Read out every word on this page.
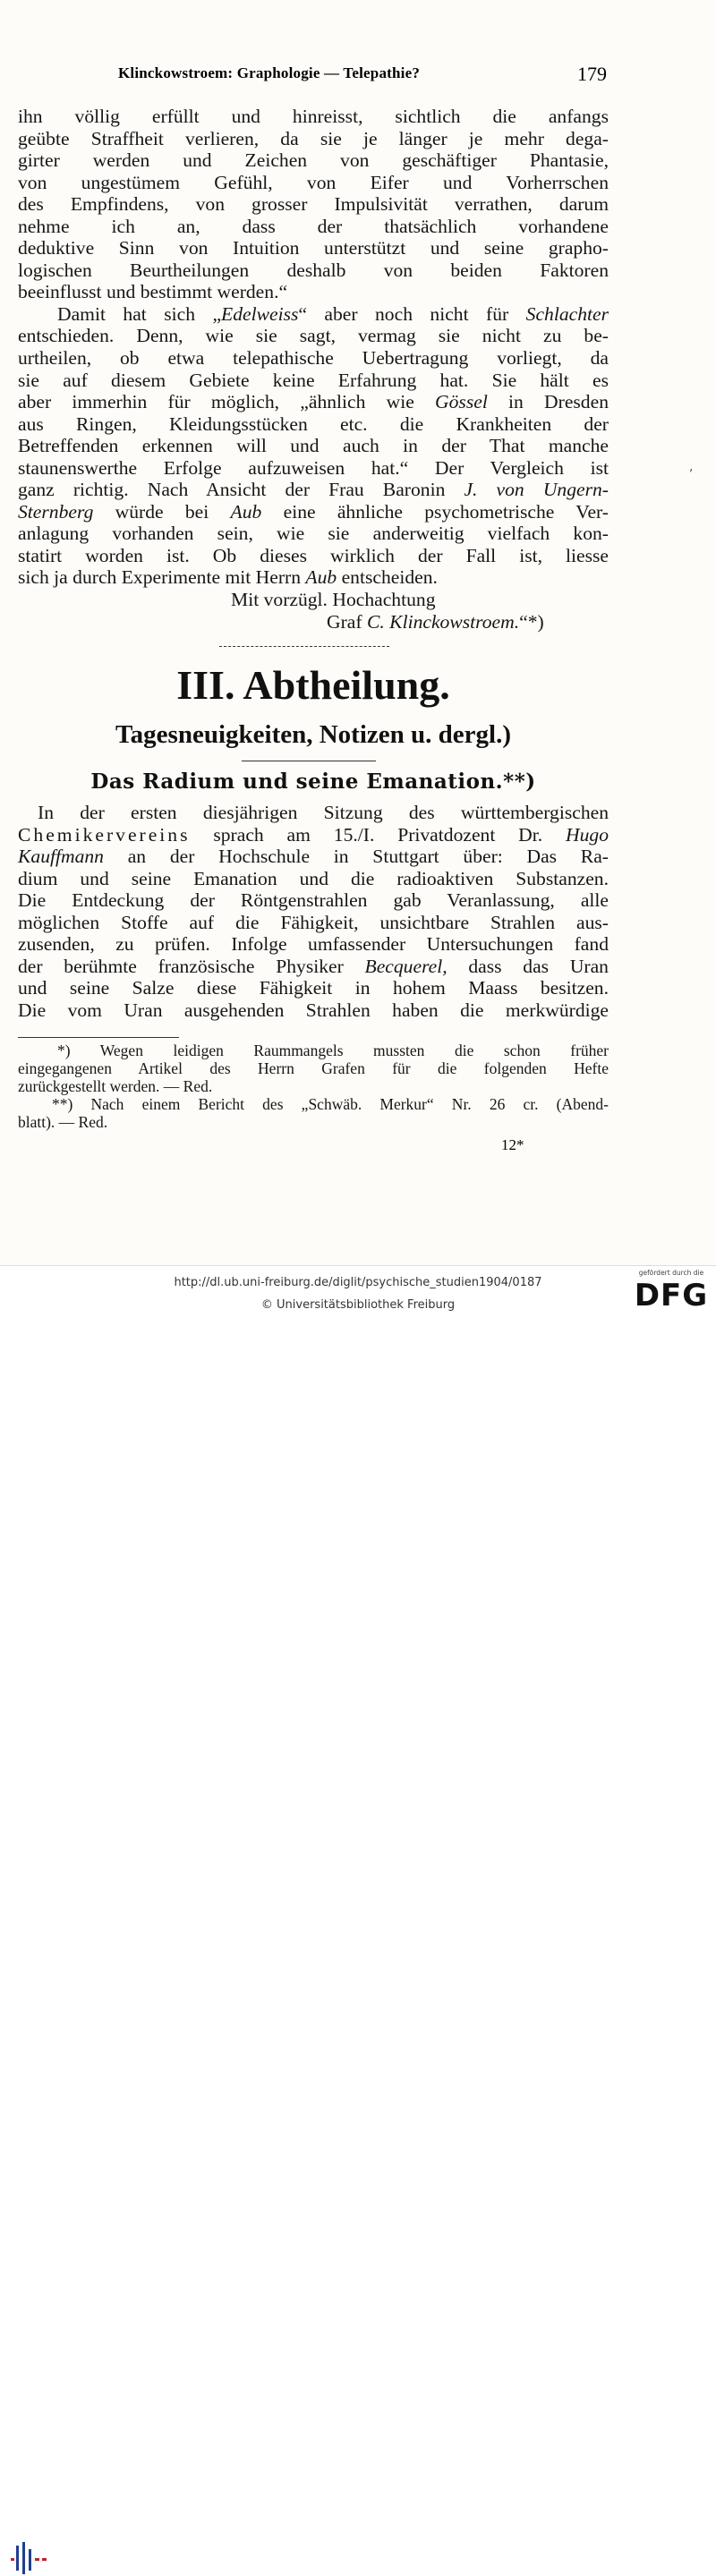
Klinckowstroem: Graphologie — Telepathie?	179
ihn völlig erfüllt und hinreisst, sichtlich die anfangs
geübte Straffheit verlieren, da sie je länger je mehr dega-
girter werden und Zeichen von geschäftiger Phantasie,
von ungestümem Gefühl, von Eifer und Vorherrschen
des Empfindens, von grosser Impulsivität verrathen, darum
nehme ich an, dass der thatsächlich vorhandene
deduktive Sinn von Intuition unterstützt und seine grapho-
logischen Beurtheilungen deshalb von beiden Faktoren
beeinflusst und bestimmt werden.“
Damit hat sich „Edelweiss“ aber noch nicht für Schlachter
entschieden. Denn, wie sie sagt, vermag sie nicht zu be-
urtheilen, ob etwa telepathische Uebertragung vorliegt, da
sie auf diesem Gebiete keine Erfahrung hat. Sie hält es
aber immerhin für möglich, „ähnlich wie Gössel in Dresden
aus Ringen, Kleidungsstücken etc. die Krankheiten der
Betreffenden erkennen will und auch in der That manche
staunenswerthe Erfolge aufzuweisen hat.“ Der Vergleich ist
ganz richtig. Nach Ansicht der Frau Baronin J. von Ungern-
Sternberg würde bei Aub eine ähnliche psychometrische Ver-
anlagung vorhanden sein, wie sie anderweitig vielfach kon-
statirt worden ist. Ob dieses wirklich der Fall ist, liesse
sich ja durch Experimente mit Herrn Aub entscheiden.
Mit vorzügl. Hochachtung
Graf C. Klinckowstroem.“*)
,
III. Abtheilung.
Tagesneuigkeiten, Notizen u. dergl.)
Das Radium und seine Emanation.**)
In der ersten diesjährigen Sitzung des württembergischen
Chemikervereins sprach am 15./I. Privatdozent Dr. Hugo
Kauffmann an der Hochschule in Stuttgart über: Das Ra-
dium und seine Emanation und die radioaktiven Substanzen.
Die Entdeckung der Röntgenstrahlen gab Veranlassung, alle
möglichen Stoffe auf die Fähigkeit, unsichtbare Strahlen aus-
zusenden, zu prüfen. Infolge umfassender Untersuchungen fand
der berühmte französische Physiker Becquerel, dass das Uran
und seine Salze diese Fähigkeit in hohem Maass besitzen.
Die vom Uran ausgehenden Strahlen haben die merkwürdige
*) Wegen leidigen Raummangels mussten die schon früher
eingegangenen Artikel des Herrn Grafen für die folgenden Hefte
zurückgestellt werden. — Red.
**) Nach einem Bericht des „Schwäb. Merkur“ Nr. 26 cr. (Abend-
blatt). — Red.
12*
http://dl.ub.uni-freiburg.de/diglit/psychische_studien1904/0187
© Universitätsbibliothek Freiburg
gefördert durch die
DFG
